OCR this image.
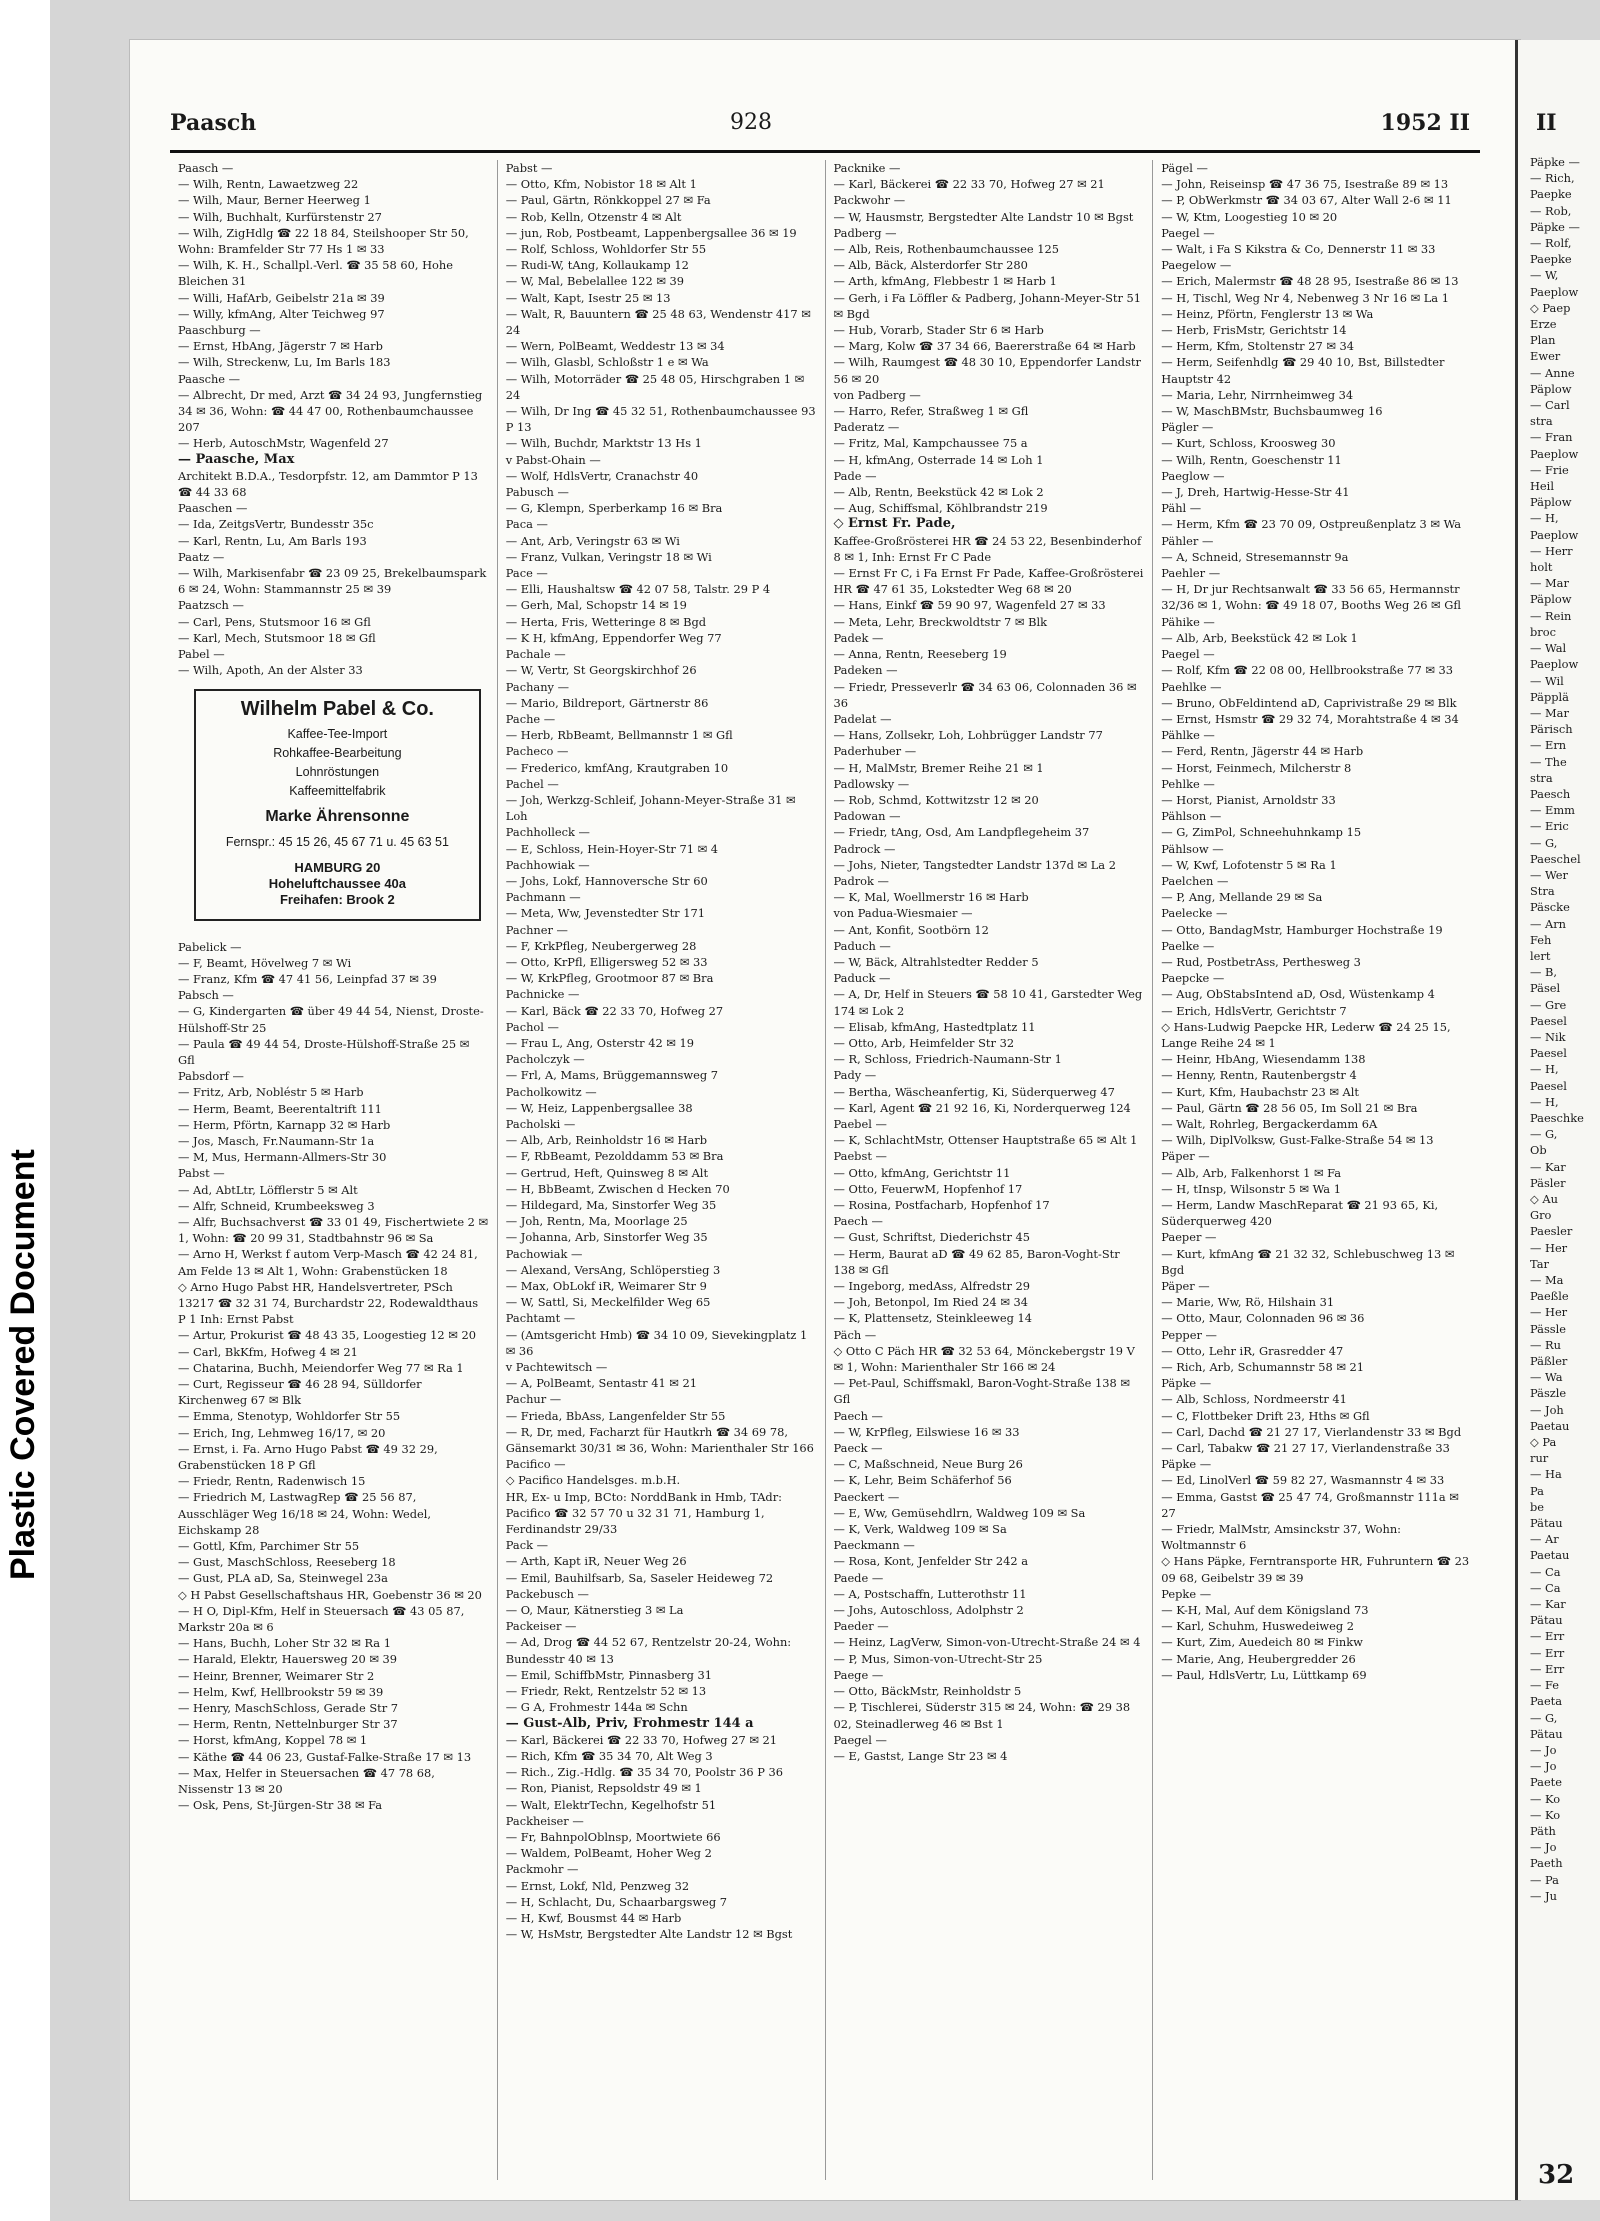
Plastic Covered Document
Paasch	928	1952 II

Paasch —

— Wilh, Rentn, Lawaetzweg 22

— Wilh, Maur, Berner Heerweg 1

— Wilh, Buchhalt, Kurfürstenstr 27

— Wilh, ZigHdlg ☎ 22 18 84, Steilshooper Str 50, Wohn: Bramfelder Str 77 Hs 1 ✉ 33

— Wilh, K. H., Schallpl.-Verl. ☎ 35 58 60, Hohe Bleichen 31

— Willi, HafArb, Geibelstr 21a ✉ 39

— Willy, kfmAng, Alter Teichweg 97

Paaschburg —

— Ernst, HbAng, Jägerstr 7 ✉ Harb

— Wilh, Streckenw, Lu, Im Barls 183

Paasche —

— Albrecht, Dr med, Arzt ☎ 34 24 93, Jungfernstieg 34 ✉ 36, Wohn: ☎ 44 47 00, Rothenbaumchaussee 207

— Herb, AutoschMstr, Wagenfeld 27

— Paasche, Max

Architekt B.D.A., Tesdorpfstr. 12, am Dammtor P 13 ☎ 44 33 68

Paaschen —

— Ida, ZeitgsVertr, Bundesstr 35c

— Karl, Rentn, Lu, Am Barls 193

Paatz —

— Wilh, Markisenfabr ☎ 23 09 25, Brekelbaumspark 6 ✉ 24, Wohn: Stammannstr 25 ✉ 39

Paatzsch —

— Carl, Pens, Stutsmoor 16 ✉ Gfl

— Karl, Mech, Stutsmoor 18 ✉ Gfl

Pabel —

— Wilh, Apoth, An der Alster 33

Wilhelm Pabel & Co.
Kaffee-Tee-Import
Rohkaffee-Bearbeitung
Lohnröstungen
Kaffeemittelfabrik
Marke Ährensonne
Fernspr.: 45 15 26, 45 67 71 u. 45 63 51
HAMBURG 20
Hoheluftchaussee 40a
Freihafen: Brook 2

Pabelick —

— F, Beamt, Hövelweg 7 ✉ Wi

— Franz, Kfm ☎ 47 41 56, Leinpfad 37 ✉ 39

Pabsch —

— G, Kindergarten ☎ über 49 44 54, Nienst, Droste-Hülshoff-Str 25

— Paula ☎ 49 44 54, Droste-Hülshoff-Straße 25 ✉ Gfl

Pabsdorf —

— Fritz, Arb, Nobléstr 5 ✉ Harb

— Herm, Beamt, Beerentaltrift 111

— Herm, Pförtn, Karnapp 32 ✉ Harb

— Jos, Masch, Fr.Naumann-Str 1a

— M, Mus, Hermann-Allmers-Str 30

Pabst —

— Ad, AbtLtr, Löfflerstr 5 ✉ Alt

— Alfr, Schneid, Krumbeeksweg 3

— Alfr, Buchsachverst ☎ 33 01 49, Fischertwiete 2 ✉ 1, Wohn: ☎ 20 99 31, Stadtbahnstr 96 ✉ Sa

— Arno H, Werkst f autom Verp-Masch ☎ 42 24 81, Am Felde 13 ✉ Alt 1, Wohn: Grabenstücken 18

◇ Arno Hugo Pabst HR, Handelsvertreter, PSch 13217 ☎ 32 31 74, Burchardstr 22, Rodewaldthaus P 1 Inh: Ernst Pabst

— Artur, Prokurist ☎ 48 43 35, Loogestieg 12 ✉ 20

— Carl, BkKfm, Hofweg 4 ✉ 21

— Chatarina, Buchh, Meiendorfer Weg 77 ✉ Ra 1

— Curt, Regisseur ☎ 46 28 94, Sülldorfer Kirchenweg 67 ✉ Blk

— Emma, Stenotyp, Wohldorfer Str 55

— Erich, Ing, Lehmweg 16/17, ✉ 20

— Ernst, i. Fa. Arno Hugo Pabst ☎ 49 32 29, Grabenstücken 18 P Gfl

— Friedr, Rentn, Radenwisch 15

— Friedrich M, LastwagRep ☎ 25 56 87, Ausschläger Weg 16/18 ✉ 24, Wohn: Wedel, Eichskamp 28

— Gottl, Kfm, Parchimer Str 55

— Gust, MaschSchloss, Reeseberg 18

— Gust, PLA aD, Sa, Steinwegel 23a

◇ H Pabst Gesellschaftshaus HR, Goebenstr 36 ✉ 20

— H O, Dipl-Kfm, Helf in Steuersach ☎ 43 05 87, Markstr 20a ✉ 6

— Hans, Buchh, Loher Str 32 ✉ Ra 1

— Harald, Elektr, Hauersweg 20 ✉ 39

— Heinr, Brenner, Weimarer Str 2

— Helm, Kwf, Hellbrookstr 59 ✉ 39

— Henry, MaschSchloss, Gerade Str 7

— Herm, Rentn, Nettelnburger Str 37

— Horst, kfmAng, Koppel 78 ✉ 1

— Käthe ☎ 44 06 23, Gustaf-Falke-Straße 17 ✉ 13

— Max, Helfer in Steuersachen ☎ 47 78 68, Nissenstr 13 ✉ 20

— Osk, Pens, St-Jürgen-Str 38 ✉ Fa

Pabst —

— Otto, Kfm, Nobistor 18 ✉ Alt 1

— Paul, Gärtn, Rönkkoppel 27 ✉ Fa

— Rob, Kelln, Otzenstr 4 ✉ Alt

— jun, Rob, Postbeamt, Lappenbergsallee 36 ✉ 19

— Rolf, Schloss, Wohldorfer Str 55

— Rudi-W, tAng, Kollaukamp 12

— W, Mal, Bebelallee 122 ✉ 39

— Walt, Kapt, Isestr 25 ✉ 13

— Walt, R, Bauuntern ☎ 25 48 63, Wendenstr 417 ✉ 24

— Wern, PolBeamt, Weddestr 13 ✉ 34

— Wilh, Glasbl, Schloßstr 1 e ✉ Wa

— Wilh, Motorräder ☎ 25 48 05, Hirschgraben 1 ✉ 24

— Wilh, Dr Ing ☎ 45 32 51, Rothenbaumchaussee 93 P 13

— Wilh, Buchdr, Marktstr 13 Hs 1

v Pabst-Ohain —

— Wolf, HdlsVertr, Cranachstr 40

Pabusch —

— G, Klempn, Sperberkamp 16 ✉ Bra

Paca —

— Ant, Arb, Veringstr 63 ✉ Wi

— Franz, Vulkan, Veringstr 18 ✉ Wi

Pace —

— Elli, Haushaltsw ☎ 42 07 58, Talstr. 29 P 4

— Gerh, Mal, Schopstr 14 ✉ 19

— Herta, Fris, Wetteringe 8 ✉ Bgd

— K H, kfmAng, Eppendorfer Weg 77

Pachale —

— W, Vertr, St Georgskirchhof 26

Pachany —

— Mario, Bildreport, Gärtnerstr 86

Pache —

— Herb, RbBeamt, Bellmannstr 1 ✉ Gfl

Pacheco —

— Frederico, kmfAng, Krautgraben 10

Pachel —

— Joh, Werkzg-Schleif, Johann-Meyer-Straße 31 ✉ Loh

Pachholleck —

— E, Schloss, Hein-Hoyer-Str 71 ✉ 4

Pachhowiak —

— Johs, Lokf, Hannoversche Str 60

Pachmann —

— Meta, Ww, Jevenstedter Str 171

Pachner —

— F, KrkPfleg, Neubergerweg 28

— Otto, KrPfl, Elligersweg 52 ✉ 33

— W, KrkPfleg, Grootmoor 87 ✉ Bra

Pachnicke —

— Karl, Bäck ☎ 22 33 70, Hofweg 27

Pachol —

— Frau L, Ang, Osterstr 42 ✉ 19

Pacholczyk —

— Frl, A, Mams, Brüggemannsweg 7

Pacholkowitz —

— W, Heiz, Lappenbergsallee 38

Pacholski —

— Alb, Arb, Reinholdstr 16 ✉ Harb

— F, RbBeamt, Pezolddamm 53 ✉ Bra

— Gertrud, Heft, Quinsweg 8 ✉ Alt

— H, BbBeamt, Zwischen d Hecken 70

— Hildegard, Ma, Sinstorfer Weg 35

— Joh, Rentn, Ma, Moorlage 25

— Johanna, Arb, Sinstorfer Weg 35

Pachowiak —

— Alexand, VersAng, Schlöperstieg 3

— Max, ObLokf iR, Weimarer Str 9

— W, Sattl, Si, Meckelfilder Weg 65

Pachtamt —

— (Amtsgericht Hmb) ☎ 34 10 09, Sievekingplatz 1 ✉ 36

v Pachtewitsch —

— A, PolBeamt, Sentastr 41 ✉ 21

Pachur —

— Frieda, BbAss, Langenfelder Str 55

— R, Dr, med, Facharzt für Hautkrh ☎ 34 69 78, Gänsemarkt 30/31 ✉ 36, Wohn: Marienthaler Str 166

Pacifico —

◇ Pacifico Handelsges. m.b.H.

HR, Ex- u Imp, BCto: NorddBank in Hmb, TAdr: Pacifico ☎ 32 57 70 u 32 31 71, Hamburg 1, Ferdinandstr 29/33

Pack —

— Arth, Kapt iR, Neuer Weg 26

— Emil, Bauhilfsarb, Sa, Saseler Heideweg 72

Packebusch —

— O, Maur, Kätnerstieg 3 ✉ La

Packeiser —

— Ad, Drog ☎ 44 52 67, Rentzelstr 20-24, Wohn: Bundesstr 40 ✉ 13

— Emil, SchiffbMstr, Pinnasberg 31

— Friedr, Rekt, Rentzelstr 52 ✉ 13

— G A, Frohmestr 144a ✉ Schn

— Gust-Alb, Priv, Frohmestr 144 a

— Karl, Bäckerei ☎ 22 33 70, Hofweg 27 ✉ 21

— Rich, Kfm ☎ 35 34 70, Alt Weg 3

— Rich., Zig.-Hdlg. ☎ 35 34 70, Poolstr 36 P 36

— Ron, Pianist, Repsoldstr 49 ✉ 1

— Walt, ElektrTechn, Kegelhofstr 51

Packheiser —

— Fr, BahnpolOblnsp, Moortwiete 66

— Waldem, PolBeamt, Hoher Weg 2

Packmohr —

— Ernst, Lokf, Nld, Penzweg 32

— H, Schlacht, Du, Schaarbargsweg 7

— H, Kwf, Bousmst 44 ✉ Harb

— W, HsMstr, Bergstedter Alte Landstr 12 ✉ Bgst

Packnike —

— Karl, Bäckerei ☎ 22 33 70, Hofweg 27 ✉ 21

Packwohr —

— W, Hausmstr, Bergstedter Alte Landstr 10 ✉ Bgst

Padberg —

— Alb, Reis, Rothenbaumchaussee 125

— Alb, Bäck, Alsterdorfer Str 280

— Arth, kfmAng, Flebbestr 1 ✉ Harb 1

— Gerh, i Fa Löffler & Padberg, Johann-Meyer-Str 51 ✉ Bgd

— Hub, Vorarb, Stader Str 6 ✉ Harb

— Marg, Kolw ☎ 37 34 66, Baererstraße 64 ✉ Harb

— Wilh, Raumgest ☎ 48 30 10, Eppendorfer Landstr 56 ✉ 20

von Padberg —

— Harro, Refer, Straßweg 1 ✉ Gfl

Paderatz —

— Fritz, Mal, Kampchaussee 75 a

— H, kfmAng, Osterrade 14 ✉ Loh 1

Pade —

— Alb, Rentn, Beekstück 42 ✉ Lok 2

— Aug, Schiffsmal, Köhlbrandstr 219

◇ Ernst Fr. Pade,

Kaffee-Großrösterei HR ☎ 24 53 22, Besenbinderhof 8 ✉ 1, Inh: Ernst Fr C Pade

— Ernst Fr C, i Fa Ernst Fr Pade, Kaffee-Großrösterei HR ☎ 47 61 35, Lokstedter Weg 68 ✉ 20

— Hans, Einkf ☎ 59 90 97, Wagenfeld 27 ✉ 33

— Meta, Lehr, Breckwoldtstr 7 ✉ Blk

Padek —

— Anna, Rentn, Reeseberg 19

Padeken —

— Friedr, Presseverlr ☎ 34 63 06, Colonnaden 36 ✉ 36

Padelat —

— Hans, Zollsekr, Loh, Lohbrügger Landstr 77

Paderhuber —

— H, MalMstr, Bremer Reihe 21 ✉ 1

Padlowsky —

— Rob, Schmd, Kottwitzstr 12 ✉ 20

Padowan —

— Friedr, tAng, Osd, Am Landpflegeheim 37

Padrock —

— Johs, Nieter, Tangstedter Landstr 137d ✉ La 2

Padrok —

— K, Mal, Woellmerstr 16 ✉ Harb

von Padua-Wiesmaier —

— Ant, Konfit, Sootbörn 12

Paduch —

— W, Bäck, Altrahlstedter Redder 5

Paduck —

— A, Dr, Helf in Steuers ☎ 58 10 41, Garstedter Weg 174 ✉ Lok 2

— Elisab, kfmAng, Hastedtplatz 11

— Otto, Arb, Heimfelder Str 32

— R, Schloss, Friedrich-Naumann-Str 1

Pady —

— Bertha, Wäscheanfertig, Ki, Süderquerweg 47

— Karl, Agent ☎ 21 92 16, Ki, Norderquerweg 124

Paebel —

— K, SchlachtMstr, Ottenser Hauptstraße 65 ✉ Alt 1

Paebst —

— Otto, kfmAng, Gerichtstr 11

— Otto, FeuerwM, Hopfenhof 17

— Rosina, Postfacharb, Hopfenhof 17

Paech —

— Gust, Schriftst, Diederichstr 45

— Herm, Baurat aD ☎ 49 62 85, Baron-Voght-Str 138 ✉ Gfl

— Ingeborg, medAss, Alfredstr 29

— Joh, Betonpol, Im Ried 24 ✉ 34

— K, Plattensetz, Steinkleeweg 14

Päch —

◇ Otto C Päch HR ☎ 32 53 64, Mönckebergstr 19 V ✉ 1, Wohn: Marienthaler Str 166 ✉ 24

— Pet-Paul, Schiffsmakl, Baron-Voght-Straße 138 ✉ Gfl

Paech —

— W, KrPfleg, Eilswiese 16 ✉ 33

Paeck —

— C, Maßschneid, Neue Burg 26

— K, Lehr, Beim Schäferhof 56

Paeckert —

— E, Ww, Gemüsehdlrn, Waldweg 109 ✉ Sa

— K, Verk, Waldweg 109 ✉ Sa

Paeckmann —

— Rosa, Kont, Jenfelder Str 242 a

Paede —

— A, Postschaffn, Lutterothstr 11

— Johs, Autoschloss, Adolphstr 2

Paeder —

— Heinz, LagVerw, Simon-von-Utrecht-Straße 24 ✉ 4

— P, Mus, Simon-von-Utrecht-Str 25

Paege —

— Otto, BäckMstr, Reinholdstr 5

— P, Tischlerei, Süderstr 315 ✉ 24, Wohn: ☎ 29 38 02, Steinadlerweg 46 ✉ Bst 1

Paegel —

— E, Gastst, Lange Str 23 ✉ 4

Pägel —

— John, Reiseinsp ☎ 47 36 75, Isestraße 89 ✉ 13

— P, ObWerkmstr ☎ 34 03 67, Alter Wall 2-6 ✉ 11

— W, Ktm, Loogestieg 10 ✉ 20

Paegel —

— Walt, i Fa S Kikstra & Co, Dennerstr 11 ✉ 33

Paegelow —

— Erich, Malermstr ☎ 48 28 95, Isestraße 86 ✉ 13

— H, Tischl, Weg Nr 4, Nebenweg 3 Nr 16 ✉ La 1

— Heinz, Pförtn, Fenglerstr 13 ✉ Wa

— Herb, FrisMstr, Gerichtstr 14

— Herm, Kfm, Stoltenstr 27 ✉ 34

— Herm, Seifenhdlg ☎ 29 40 10, Bst, Billstedter Hauptstr 42

— Maria, Lehr, Nirrnheimweg 34

— W, MaschBMstr, Buchsbaumweg 16

Pägler —

— Kurt, Schloss, Kroosweg 30

— Wilh, Rentn, Goeschenstr 11

Paeglow —

— J, Dreh, Hartwig-Hesse-Str 41

Pähl —

— Herm, Kfm ☎ 23 70 09, Ostpreußenplatz 3 ✉ Wa

Pähler —

— A, Schneid, Stresemannstr 9a

Paehler —

— H, Dr jur Rechtsanwalt ☎ 33 56 65, Hermannstr 32/36 ✉ 1, Wohn: ☎ 49 18 07, Booths Weg 26 ✉ Gfl

Pähike —

— Alb, Arb, Beekstück 42 ✉ Lok 1

Paegel —

— Rolf, Kfm ☎ 22 08 00, Hellbrookstraße 77 ✉ 33

Paehlke —

— Bruno, ObFeldintend aD, Caprivistraße 29 ✉ Blk

— Ernst, Hsmstr ☎ 29 32 74, Morahtstraße 4 ✉ 34

Pählke —

— Ferd, Rentn, Jägerstr 44 ✉ Harb

— Horst, Feinmech, Milcherstr 8

Pehlke —

— Horst, Pianist, Arnoldstr 33

Pählson —

— G, ZimPol, Schneehuhnkamp 15

Pählsow —

— W, Kwf, Lofotenstr 5 ✉ Ra 1

Paelchen —

— P, Ang, Mellande 29 ✉ Sa

Paelecke —

— Otto, BandagMstr, Hamburger Hochstraße 19

Paelke —

— Rud, PostbetrAss, Perthesweg 3

Paepcke —

— Aug, ObStabsIntend aD, Osd, Wüstenkamp 4

— Erich, HdlsVertr, Gerichtstr 7

◇ Hans-Ludwig Paepcke HR, Lederw ☎ 24 25 15, Lange Reihe 24 ✉ 1

— Heinr, HbAng, Wiesendamm 138

— Henny, Rentn, Rautenbergstr 4

— Kurt, Kfm, Haubachstr 23 ✉ Alt

— Paul, Gärtn ☎ 28 56 05, Im Soll 21 ✉ Bra

— Walt, Rohrleg, Bergackerdamm 6A

— Wilh, DiplVolksw, Gust-Falke-Straße 54 ✉ 13

Päper —

— Alb, Arb, Falkenhorst 1 ✉ Fa

— H, tInsp, Wilsonstr 5 ✉ Wa 1

— Herm, Landw MaschReparat ☎ 21 93 65, Ki, Süderquerweg 420

Paeper —

— Kurt, kfmAng ☎ 21 32 32, Schlebuschweg 13 ✉ Bgd

Päper —

— Marie, Ww, Rö, Hilshain 31

— Otto, Maur, Colonnaden 96 ✉ 36

Pepper —

— Otto, Lehr iR, Grasredder 47

— Rich, Arb, Schumannstr 58 ✉ 21

Päpke —

— Alb, Schloss, Nordmeerstr 41

— C, Flottbeker Drift 23, Hths ✉ Gfl

— Carl, Dachd ☎ 21 27 17, Vierlandenstr 33 ✉ Bgd

— Carl, Tabakw ☎ 21 27 17, Vierlandenstraße 33

Päpke —

— Ed, LinolVerl ☎ 59 82 27, Wasmannstr 4 ✉ 33

— Emma, Gastst ☎ 25 47 74, Großmannstr 111a ✉ 27

— Friedr, MalMstr, Amsinckstr 37, Wohn: Woltmannstr 6

◇ Hans Päpke, Ferntransporte HR, Fuhruntern ☎ 23 09 68, Geibelstr 39 ✉ 39

Pepke —

— K-H, Mal, Auf dem Königsland 73

— Karl, Schuhm, Huswedeiweg 2

— Kurt, Zim, Auedeich 80 ✉ Finkw

— Marie, Ang, Heubergredder 26

— Paul, HdlsVertr, Lu, Lüttkamp 69

II
Päpke —
— Rich,
Paepke
— Rob,
Päpke —
— Rolf,
Paepke
— W,
Paeplow
◇ Paep
Erze
Plan
Ewer
— Anne
Päplow
— Carl
stra
— Fran
Paeplow
— Frie
Heil
Päplow
— H,
Paeplow
— Herr
holt
— Mar
Päplow
— Rein
broc
— Wal
Paeplow
— Wil
Päpplä
— Mar
Pärisch
— Ern
— The
stra
Paesch
— Emm
— Eric
— G,
Paeschel
— Wer
Stra
Päscke
— Arn
Feh
lert
— B,
Päsel
— Gre
Paesel
— Nik
Paesel
— H,
Paesel
— H,
Paeschke
— G,
Ob
— Kar
Päsler
◇ Au
Gro
Paesler
— Her
Tar
— Ma
Paeßle
— Her
Pässle
— Ru
Päßler
— Wa
Päszle
— Joh
Paetau
◇ Pa
rur
— Ha
Pa
be
Pätau
— Ar
Paetau
— Ca
— Ca
— Kar
Pätau
— Err
— Err
— Err
— Fe
Paeta
— G,
Pätau
— Jo
— Jo
Paete
— Ko
— Ko
Päth
— Jo
Paeth
— Pa
— Ju
32
